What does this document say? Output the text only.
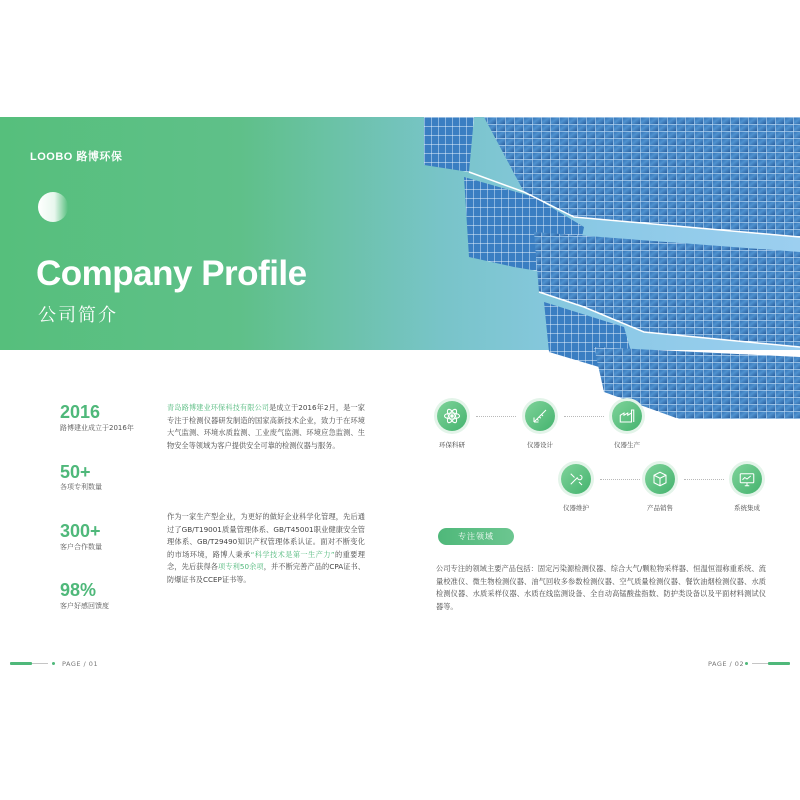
LOOBO 路博环保
Company Profile
公司简介
2016
路博建业成立于2016年
50+
各项专利数量
300+
客户合作数量
98%
客户好感回馈度
青岛路博建业环保科技有限公司是成立于2016年2月，是一家专注于检测仪器研发制造的国家高新技术企业，致力于在环境大气监测、环境水质监测、工业废气监测、环境应急监测、生物安全等领域为客户提供安全可靠的检测仪器与服务。
作为一家生产型企业，为更好的做好企业科学化管理，先后通过了GB/T19001质量管理体系、GB/T45001职业健康安全管理体系、GB/T29490知识产权管理体系认证。面对不断变化的市场环境，路博人秉承“科学技术是第一生产力”的重要理念，先后获得各项专利50余项，并不断完善产品的CPA证书、防爆证书及CCEP证书等。
环保科研	仪器设计	仪器生产
仪器维护	产品销售	系统集成
专注领域
公司专注的领域主要产品包括：固定污染源检测仪器、综合大气/颗粒物采样器、恒温恒湿称重系统、流量校准仪、微生物检测仪器、油气回收多参数检测仪器、空气质量检测仪器、餐饮油烟检测仪器、水质检测仪器、水质采样仪器、水质在线监测设备、全自动高锰酸盐指数、防护类设备以及平面材料测试仪器等。
PAGE / 01	PAGE / 02
